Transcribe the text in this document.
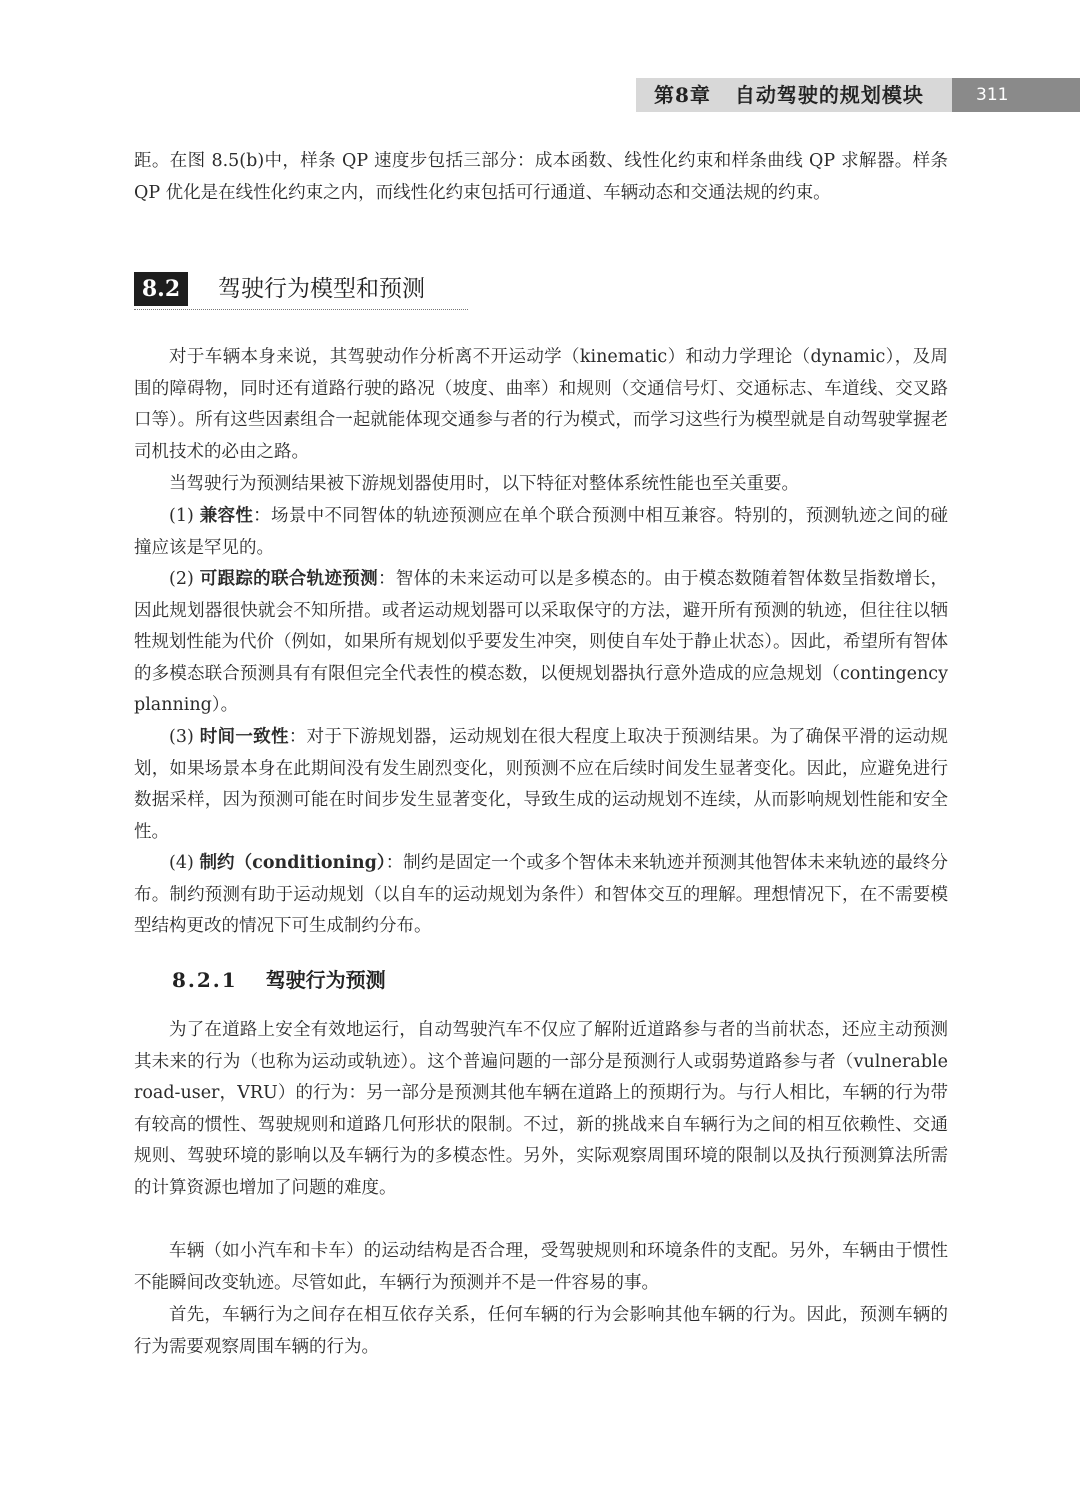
第8章 自动驾驶的规划模块	311

距。在图 8.5(b)中，样条 QP 速度步包括三部分：成本函数、线性化约束和样条曲线 QP 求解器。样条 QP 优化是在线性化约束之内，而线性化约束包括可行通道、车辆动态和交通法规的约束。

8.2	驾驶行为模型和预测

对于车辆本身来说，其驾驶动作分析离不开运动学（kinematic）和动力学理论（dynamic），及周围的障碍物，同时还有道路行驶的路况（坡度、曲率）和规则（交通信号灯、交通标志、车道线、交叉路口等）。所有这些因素组合一起就能体现交通参与者的行为模式，而学习这些行为模型就是自动驾驶掌握老司机技术的必由之路。

当驾驶行为预测结果被下游规划器使用时，以下特征对整体系统性能也至关重要。

(1) 兼容性：场景中不同智体的轨迹预测应在单个联合预测中相互兼容。特别的，预测轨迹之间的碰撞应该是罕见的。

(2) 可跟踪的联合轨迹预测：智体的未来运动可以是多模态的。由于模态数随着智体数呈指数增长，因此规划器很快就会不知所措。或者运动规划器可以采取保守的方法，避开所有预测的轨迹，但往往以牺牲规划性能为代价（例如，如果所有规划似乎要发生冲突，则使自车处于静止状态）。因此，希望所有智体的多模态联合预测具有有限但完全代表性的模态数，以便规划器执行意外造成的应急规划（contingency planning）。

(3) 时间一致性：对于下游规划器，运动规划在很大程度上取决于预测结果。为了确保平滑的运动规划，如果场景本身在此期间没有发生剧烈变化，则预测不应在后续时间发生显著变化。因此，应避免进行数据采样，因为预测可能在时间步发生显著变化，导致生成的运动规划不连续，从而影响规划性能和安全性。

(4) 制约（conditioning）：制约是固定一个或多个智体未来轨迹并预测其他智体未来轨迹的最终分布。制约预测有助于运动规划（以自车的运动规划为条件）和智体交互的理解。理想情况下，在不需要模型结构更改的情况下可生成制约分布。

8.2.1 驾驶行为预测

为了在道路上安全有效地运行，自动驾驶汽车不仅应了解附近道路参与者的当前状态，还应主动预测其未来的行为（也称为运动或轨迹）。这个普遍问题的一部分是预测行人或弱势道路参与者（vulnerable road-user，VRU）的行为：另一部分是预测其他车辆在道路上的预期行为。与行人相比，车辆的行为带有较高的惯性、驾驶规则和道路几何形状的限制。不过，新的挑战来自车辆行为之间的相互依赖性、交通规则、驾驶环境的影响以及车辆行为的多模态性。另外，实际观察周围环境的限制以及执行预测算法所需的计算资源也增加了问题的难度。

车辆（如小汽车和卡车）的运动结构是否合理，受驾驶规则和环境条件的支配。另外，车辆由于惯性不能瞬间改变轨迹。尽管如此，车辆行为预测并不是一件容易的事。

首先，车辆行为之间存在相互依存关系，任何车辆的行为会影响其他车辆的行为。因此，预测车辆的行为需要观察周围车辆的行为。
